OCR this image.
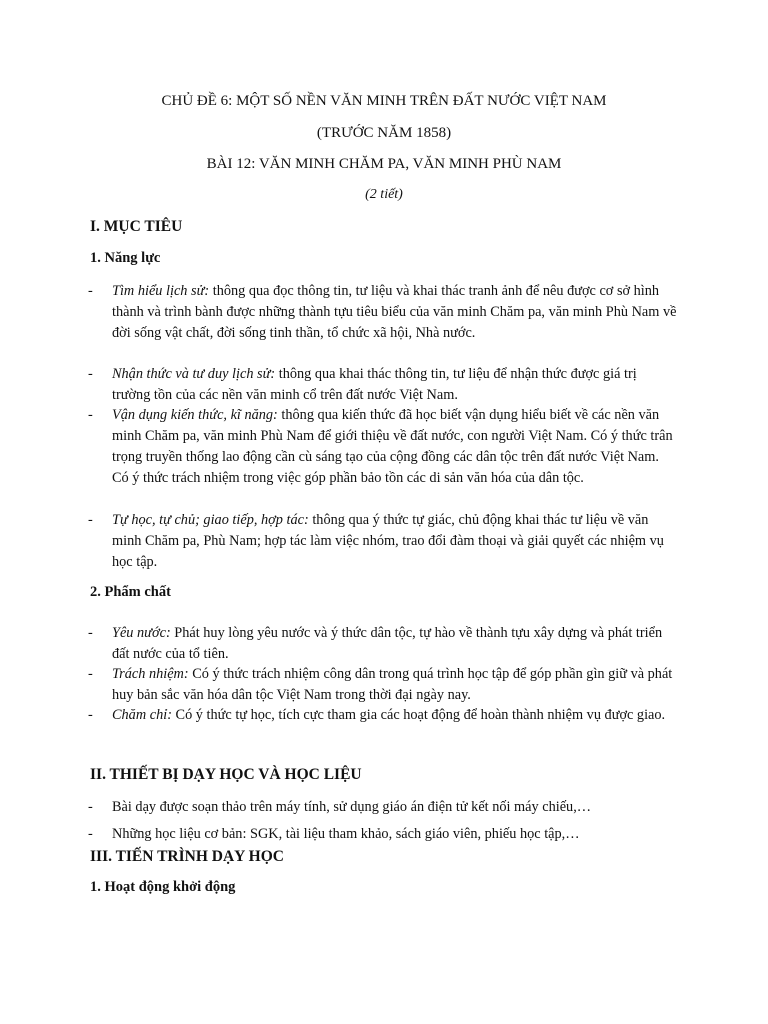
CHỦ ĐỀ 6: MỘT SỐ NỀN VĂN MINH TRÊN ĐẤT NƯỚC VIỆT NAM
(TRƯỚC NĂM 1858)
BÀI 12: VĂN MINH CHĂM PA, VĂN MINH PHÙ NAM
(2 tiết)
I. MỤC TIÊU
1. Năng lực
- Tìm hiểu lịch sử: thông qua đọc thông tin, tư liệu và khai thác tranh ảnh để nêu được cơ sở hình thành và trình bành được những thành tựu tiêu biểu của văn minh Chăm pa, văn minh Phù Nam về đời sống vật chất, đời sống tinh thần, tổ chức xã hội, Nhà nước.
- Nhận thức và tư duy lịch sử: thông qua khai thác thông tin, tư liệu để nhận thức được giá trị trường tồn của các nền văn minh cổ trên đất nước Việt Nam.
- Vận dụng kiến thức, kĩ năng: thông qua kiến thức đã học biết vận dụng hiểu biết về các nền văn minh Chăm pa, văn minh Phù Nam để giới thiệu về đất nước, con người Việt Nam. Có ý thức trân trọng truyền thống lao động cần cù sáng tạo của cộng đồng các dân tộc trên đất nước Việt Nam. Có ý thức trách nhiệm trong việc góp phần bảo tồn các di sản văn hóa của dân tộc.
- Tự học, tự chủ; giao tiếp, hợp tác: thông qua ý thức tự giác, chủ động khai thác tư liệu về văn minh Chăm pa, Phù Nam; hợp tác làm việc nhóm, trao đổi đàm thoại và giải quyết các nhiệm vụ học tập.
2. Phẩm chất
- Yêu nước: Phát huy lòng yêu nước và ý thức dân tộc, tự hào về thành tựu xây dựng và phát triển đất nước của tổ tiên.
- Trách nhiệm: Có ý thức trách nhiệm công dân trong quá trình học tập để góp phần gìn giữ và phát huy bản sắc văn hóa dân tộc Việt Nam trong thời đại ngày nay.
- Chăm chỉ: Có ý thức tự học, tích cực tham gia các hoạt động để hoàn thành nhiệm vụ được giao.
II. THIẾT BỊ DẠY HỌC VÀ HỌC LIỆU
- Bài dạy được soạn thảo trên máy tính, sử dụng giáo án điện tử kết nối máy chiếu,…
- Những học liệu cơ bản: SGK, tài liệu tham khảo, sách giáo viên, phiếu học tập,…
III. TIẾN TRÌNH DẠY HỌC
1. Hoạt động khởi động
